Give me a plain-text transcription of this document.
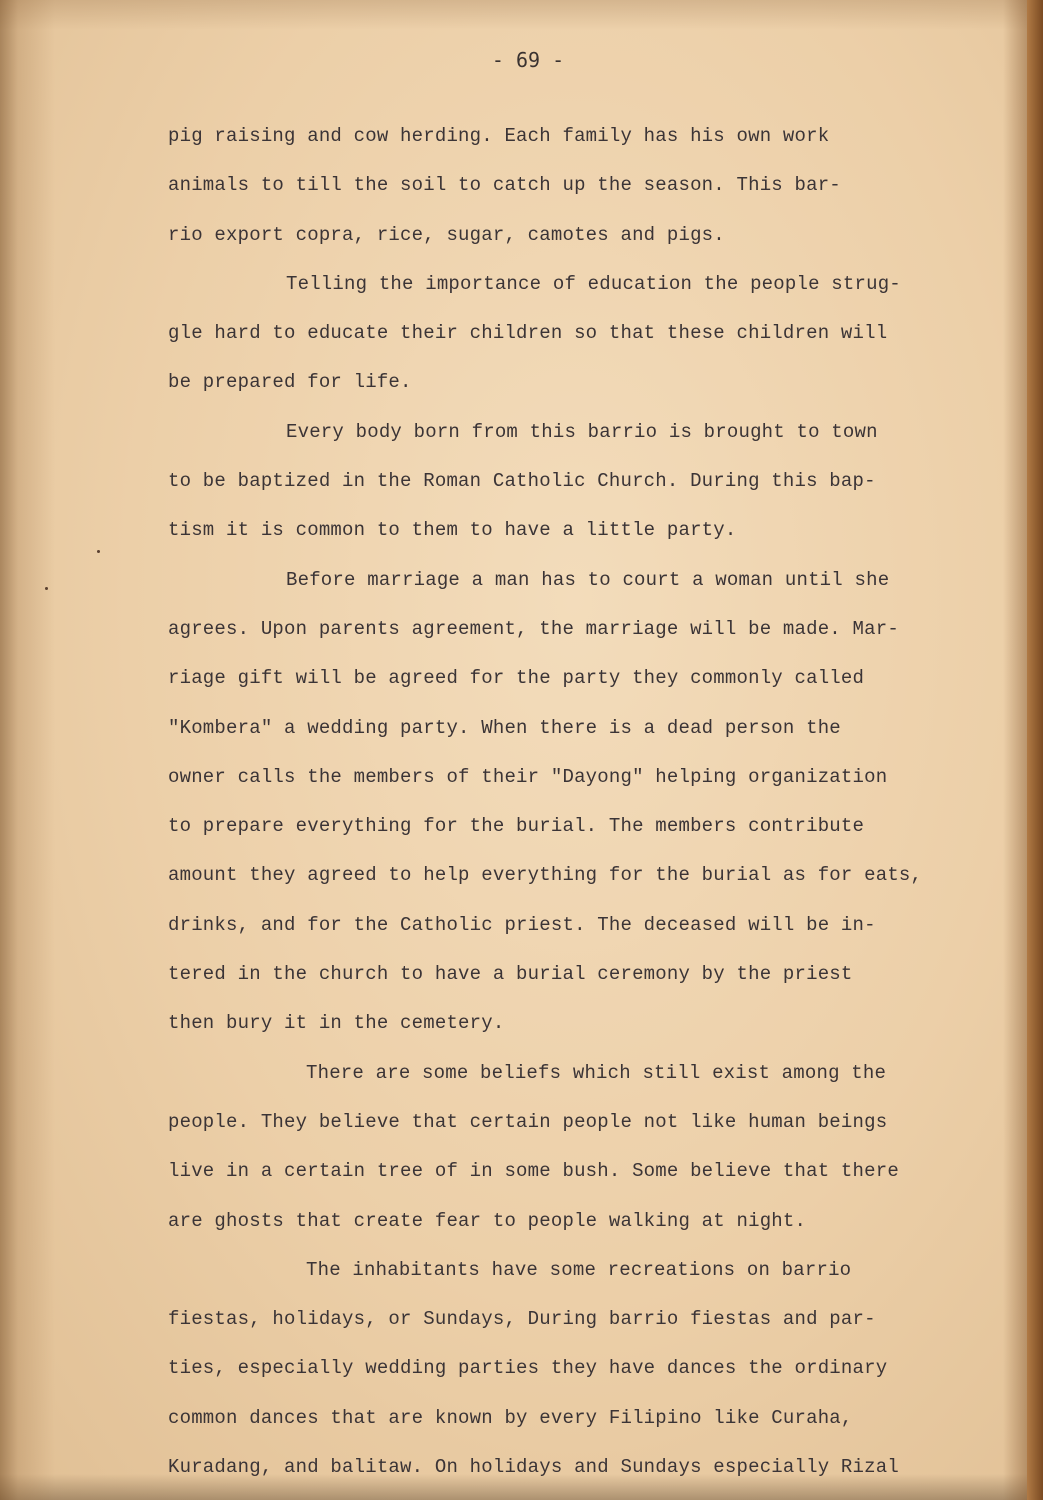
- 69 -
pig raising and cow herding. Each family has his own work
animals to till the soil to catch up the season. This bar-
rio export copra, rice, sugar, camotes and pigs.
Telling the importance of education the people strug-
gle hard to educate their children so that these children will
be prepared for life.
Every body born from this barrio is brought to town
to be baptized in the Roman Catholic Church. During this bap-
tism it is common to them to have a little party.
Before marriage a man has to court a woman until she
agrees. Upon parents agreement, the marriage will be made. Mar-
riage gift will be agreed for the party they commonly called
"Kombera" a wedding party. When there is a dead person the
owner calls the members of their "Dayong" helping organization
to prepare everything for the burial. The members contribute
amount they agreed to help everything for the burial as for eats,
drinks, and for the Catholic priest. The deceased will be in-
tered in the church to have a burial ceremony by the priest
then bury it in the cemetery.
There are some beliefs which still exist among the
people. They believe that certain people not like human beings
live in a certain tree of in some bush. Some believe that there
are ghosts that create fear to people walking at night.
The inhabitants have some recreations on barrio
fiestas, holidays, or Sundays, During barrio fiestas and par-
ties, especially wedding parties they have dances the ordinary
common dances that are known by every Filipino like Curaha,
Kuradang, and balitaw. On holidays and Sundays especially Rizal
